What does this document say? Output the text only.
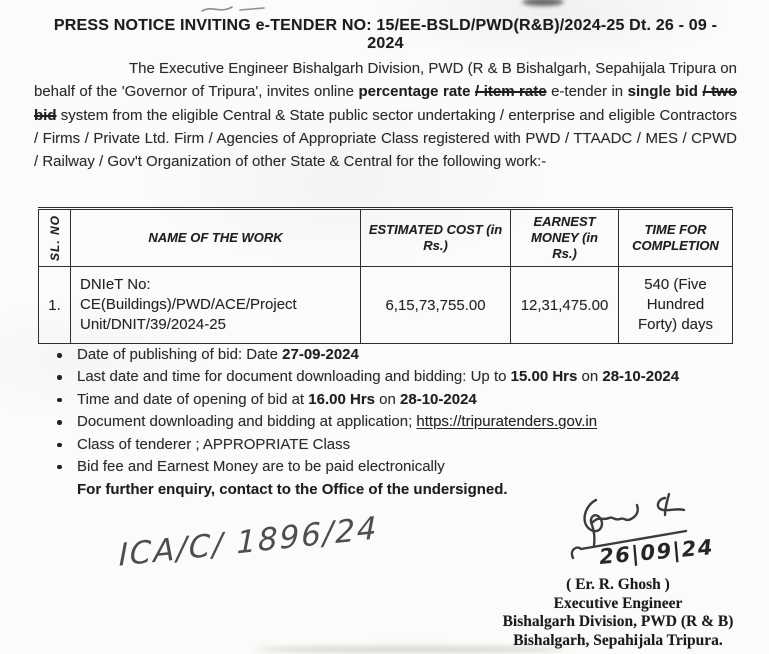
PRESS NOTICE INVITING e-TENDER NO: 15/EE-BSLD/PWD(R&B)/2024-25 Dt. 26 - 09 - 2024

The Executive Engineer Bishalgarh Division, PWD (R & B Bishalgarh, Sepahijala Tripura on behalf of the 'Governor of Tripura', invites online percentage rate / item rate e-tender in single bid / two bid system from the eligible Central & State public sector undertaking / enterprise and eligible Contractors / Firms / Private Ltd. Firm / Agencies of Appropriate Class registered with PWD / TTAADC / MES / CPWD / Railway / Gov't Organization of other State & Central for the following work:-

SL. NO	NAME OF THE WORK	ESTIMATED COST (in Rs.)	EARNEST MONEY (in Rs.)	TIME FOR COMPLETION
1.	DNIeT No:
CE(Buildings)/PWD/ACE/Project
Unit/DNIT/39/2024-25	6,15,73,755.00	12,31,475.00	540 (Five Hundred Forty) days
Date of publishing of bid: Date 27-09-2024
Last date and time for document downloading and bidding: Up to 15.00 Hrs on 28-10-2024
Time and date of opening of bid at 16.00 Hrs on 28-10-2024
Document downloading and bidding at application; https://tripuratenders.gov.in
Class of tenderer ; APPROPRIATE Class
Bid fee and Earnest Money are to be paid electronically
For further enquiry, contact to the Office of the undersigned.
ICA/C/ 1896/24	26|09|24
( Er. R. Ghosh )
Executive Engineer
Bishalgarh Division, PWD (R & B)
Bishalgarh, Sepahijala Tripura.
